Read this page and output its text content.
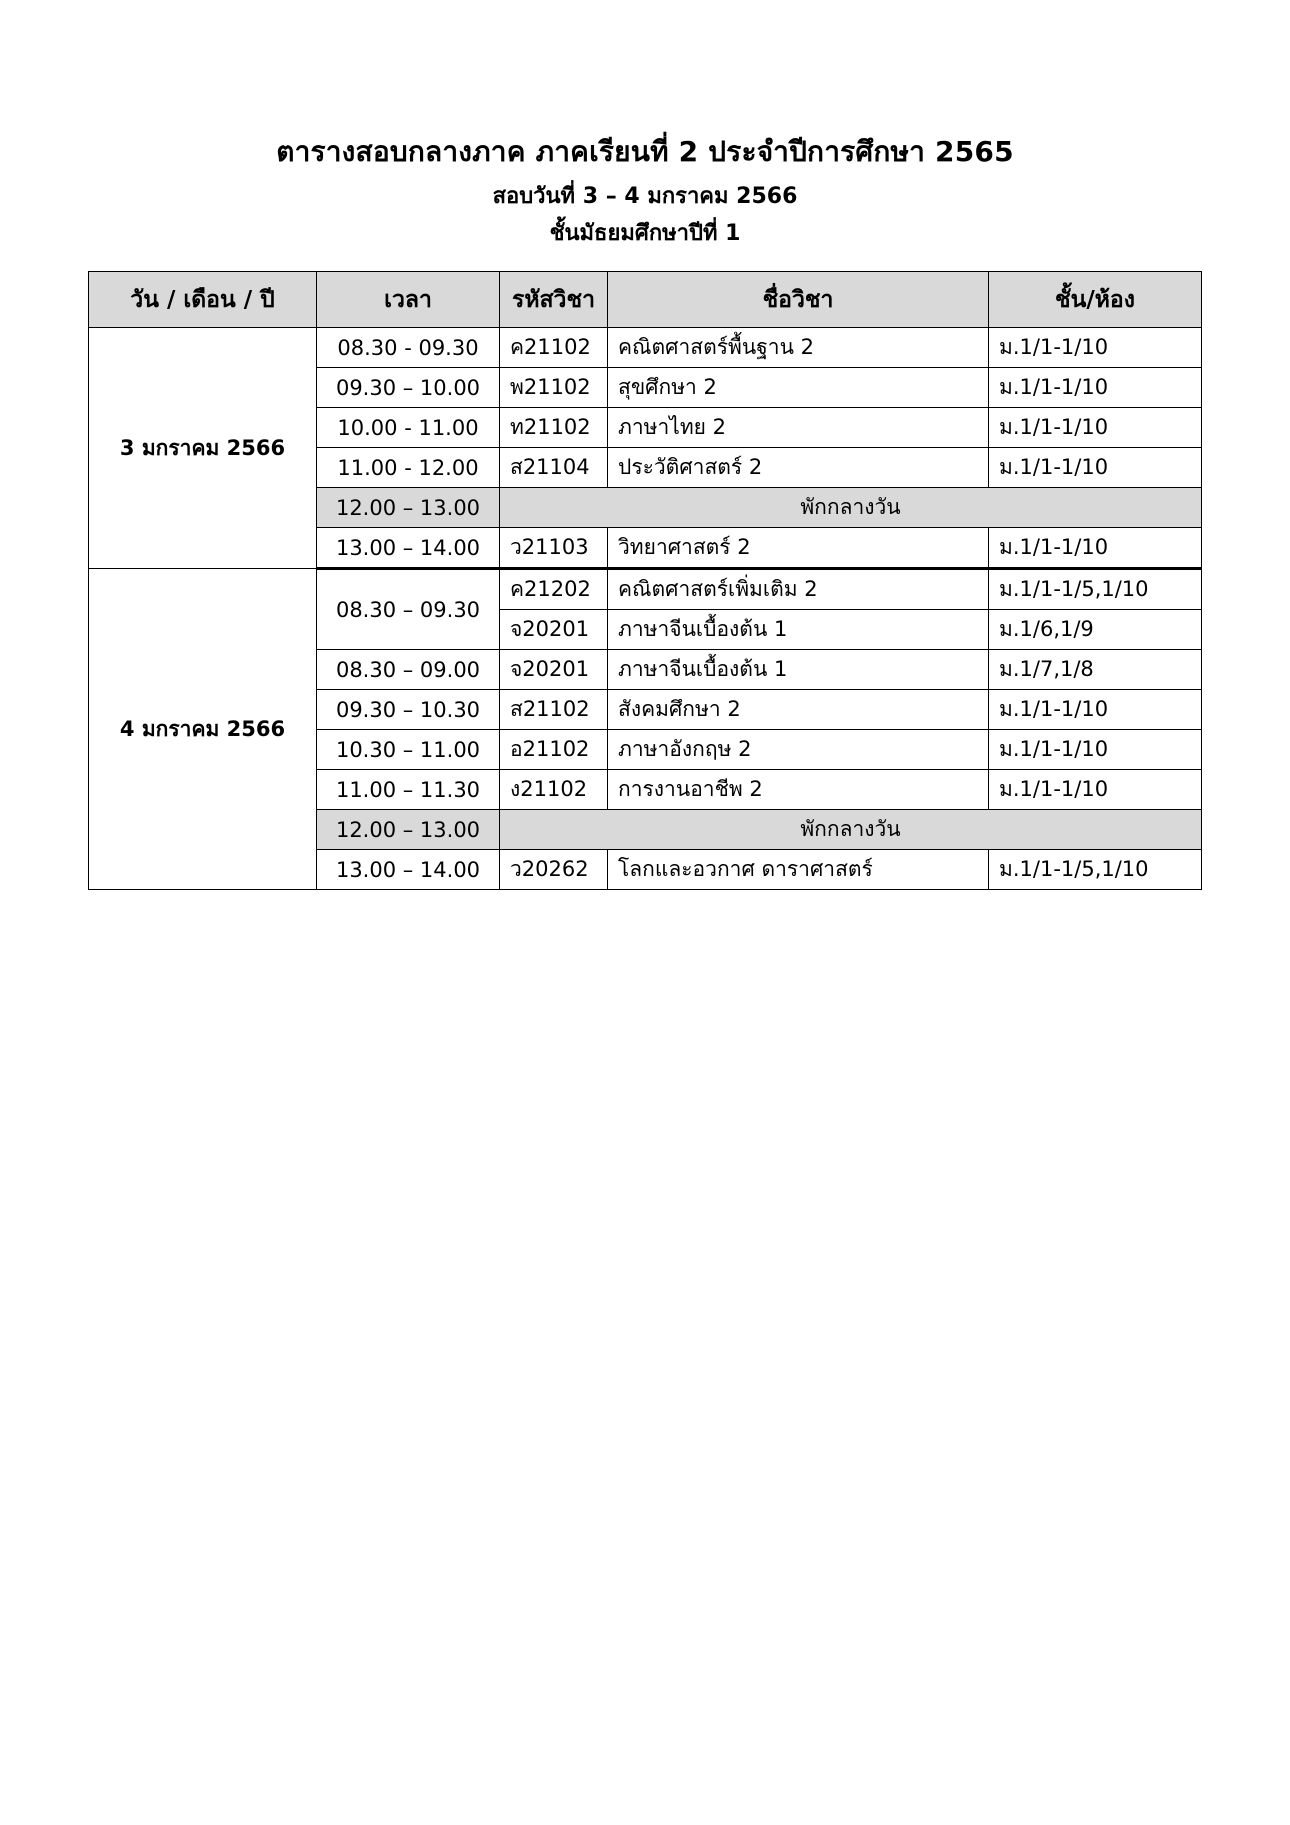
ตารางสอบกลางภาค ภาคเรียนที่ 2 ประจำปีการศึกษา 2565
สอบวันที่ 3 – 4 มกราคม 2566
ชั้นมัธยมศึกษาปีที่ 1
วัน / เดือน / ปี	เวลา	รหัสวิชา	ชื่อวิชา	ชั้น/ห้อง
3 มกราคม 2566	08.30 - 09.30	ค21102	คณิตศาสตร์พื้นฐาน 2	ม.1/1-1/10
	09.30 – 10.00	พ21102	สุขศึกษา 2	ม.1/1-1/10
	10.00 - 11.00	ท21102	ภาษาไทย 2	ม.1/1-1/10
	11.00 - 12.00	ส21104	ประวัติศาสตร์ 2	ม.1/1-1/10
	12.00 – 13.00	พักกลางวัน		
	13.00 – 14.00	ว21103	วิทยาศาสตร์ 2	ม.1/1-1/10
4 มกราคม 2566	08.30 – 09.30	ค21202	คณิตศาสตร์เพิ่มเติม 2	ม.1/1-1/5,1/10
		จ20201	ภาษาจีนเบื้องต้น 1	ม.1/6,1/9
	08.30 – 09.00	จ20201	ภาษาจีนเบื้องต้น 1	ม.1/7,1/8
	09.30 – 10.30	ส21102	สังคมศึกษา 2	ม.1/1-1/10
	10.30 – 11.00	อ21102	ภาษาอังกฤษ 2	ม.1/1-1/10
	11.00 – 11.30	ง21102	การงานอาชีพ 2	ม.1/1-1/10
	12.00 – 13.00	พักกลางวัน		
	13.00 – 14.00	ว20262	โลกและอวกาศ ดาราศาสตร์	ม.1/1-1/5,1/10
